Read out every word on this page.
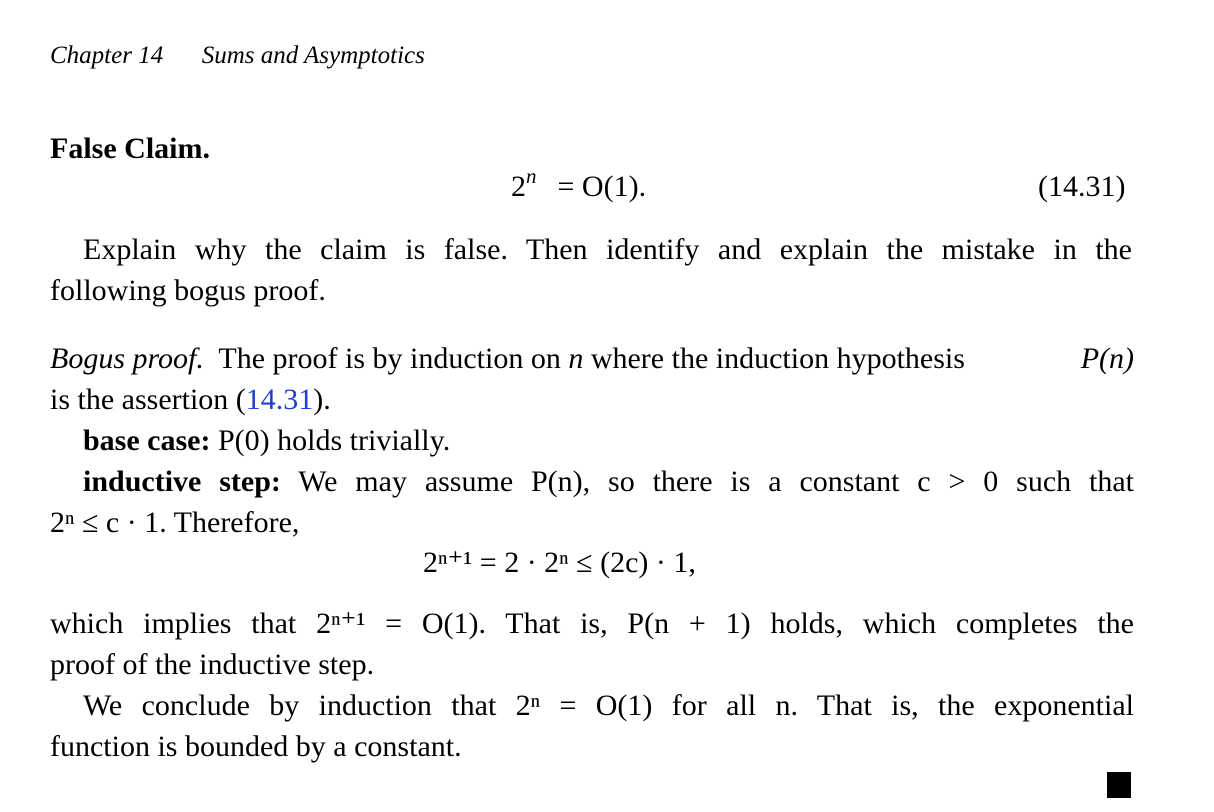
Chapter 14 Sums and Asymptotics
False Claim.
$2^n = O(1)$.	(14.31)
Explain why the claim is false. Then identify and explain the mistake in the
following bogus proof.
Bogus proof. The proof is by induction on n where the induction hypothesis	P(n)
is the assertion (14.31).
base case: P(0) holds trivially.
inductive step: We may assume P(n), so there is a constant c > 0 such that
2ⁿ ≤ c · 1. Therefore,
2ⁿ⁺¹ = 2 · 2ⁿ ≤ (2c) · 1,
which implies that 2ⁿ⁺¹ = O(1). That is, P(n + 1) holds, which completes the
proof of the inductive step.
We conclude by induction that 2ⁿ = O(1) for all n. That is, the exponential
function is bounded by a constant.
